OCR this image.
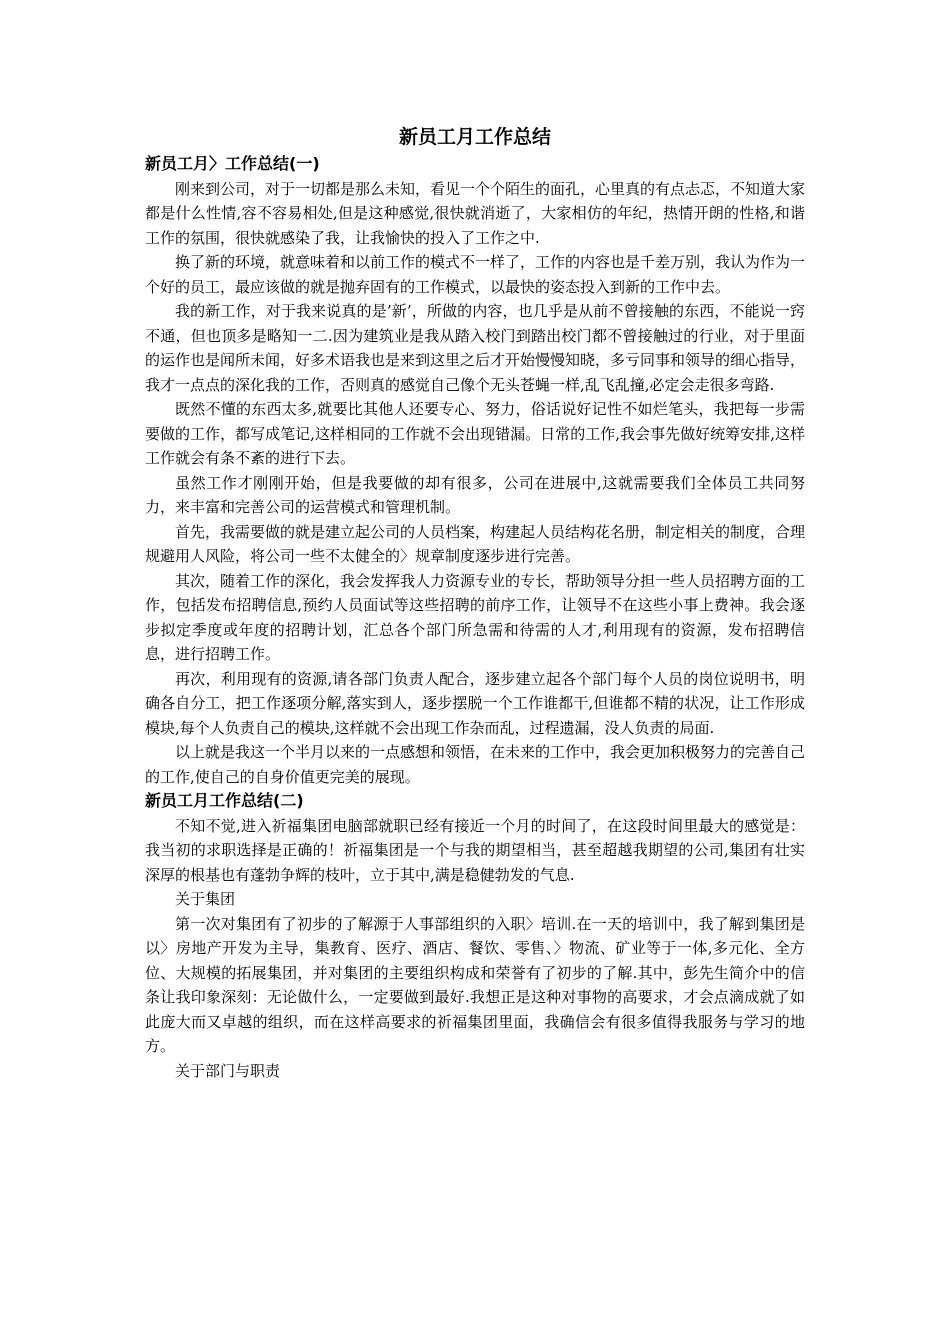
新员工月工作总结
新员工月〉工作总结(一)

刚来到公司，对于一切都是那么未知，看见一个个陌生的面孔，心里真的有点忐忑，不知道大家都是什么性情,容不容易相处,但是这种感觉,很快就消逝了，大家相仿的年纪，热情开朗的性格,和谐工作的氛围，很快就感染了我，让我愉快的投入了工作之中.

换了新的环境，就意味着和以前工作的模式不一样了，工作的内容也是千差万别，我认为作为一个好的员工，最应该做的就是抛弃固有的工作模式，以最快的姿态投入到新的工作中去。

我的新工作，对于我来说真的是’新’，所做的内容，也几乎是从前不曾接触的东西，不能说一窍不通，但也顶多是略知一二.因为建筑业是我从踏入校门到踏出校门都不曾接触过的行业，对于里面的运作也是闻所未闻，好多术语我也是来到这里之后才开始慢慢知晓，多亏同事和领导的细心指导，我才一点点的深化我的工作，否则真的感觉自己像个无头苍蝇一样,乱飞乱撞,必定会走很多弯路.

既然不懂的东西太多,就要比其他人还要专心、努力，俗话说好记性不如烂笔头，我把每一步需要做的工作，都写成笔记,这样相同的工作就不会出现错漏。日常的工作,我会事先做好统筹安排,这样工作就会有条不紊的进行下去。

虽然工作才刚刚开始，但是我要做的却有很多，公司在进展中,这就需要我们全体员工共同努力，来丰富和完善公司的运营模式和管理机制。

首先，我需要做的就是建立起公司的人员档案，构建起人员结构花名册，制定相关的制度，合理规避用人风险，将公司一些不太健全的〉规章制度逐步进行完善。

其次，随着工作的深化，我会发挥我人力资源专业的专长，帮助领导分担一些人员招聘方面的工作，包括发布招聘信息,预约人员面试等这些招聘的前序工作，让领导不在这些小事上费神。我会逐步拟定季度或年度的招聘计划，汇总各个部门所急需和待需的人才,利用现有的资源，发布招聘信息，进行招聘工作。

再次，利用现有的资源,请各部门负责人配合，逐步建立起各个部门每个人员的岗位说明书，明确各自分工，把工作逐项分解,落实到人，逐步摆脱一个工作谁都干,但谁都不精的状况，让工作形成模块,每个人负责自己的模块,这样就不会出现工作杂而乱，过程遗漏，没人负责的局面.

以上就是我这一个半月以来的一点感想和领悟，在未来的工作中，我会更加积极努力的完善自己的工作,使自己的自身价值更完美的展现。

新员工月工作总结(二)

不知不觉,进入祈福集团电脑部就职已经有接近一个月的时间了，在这段时间里最大的感觉是：我当初的求职选择是正确的！祈福集团是一个与我的期望相当，甚至超越我期望的公司,集团有壮实深厚的根基也有蓬勃争辉的枝叶，立于其中,满是稳健勃发的气息.

关于集团

第一次对集团有了初步的了解源于人事部组织的入职〉培训.在一天的培训中，我了解到集团是以〉房地产开发为主导，集教育、医疗、酒店、餐饮、零售、〉物流、矿业等于一体,多元化、全方位、大规模的拓展集团，并对集团的主要组织构成和荣誉有了初步的了解.其中，彭先生简介中的信条让我印象深刻：无论做什么，一定要做到最好.我想正是这种对事物的高要求，才会点滴成就了如此庞大而又卓越的组织，而在这样高要求的祈福集团里面，我确信会有很多值得我服务与学习的地方。

关于部门与职责
